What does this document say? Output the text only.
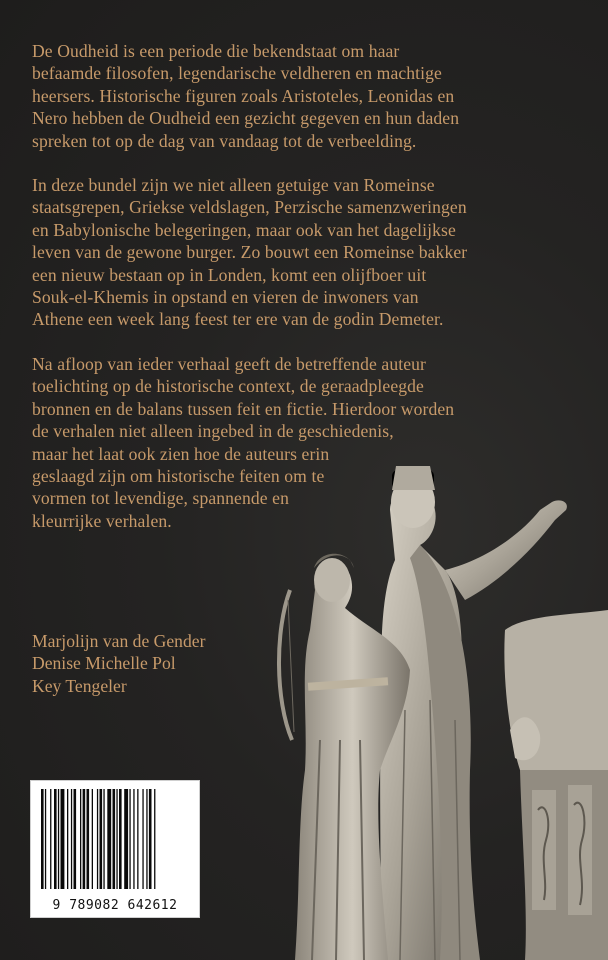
De Oudheid is een periode die bekendstaat om haar
befaamde filosofen, legendarische veldheren en machtige
heersers. Historische figuren zoals Aristoteles, Leonidas en
Nero hebben de Oudheid een gezicht gegeven en hun daden
spreken tot op de dag van vandaag tot de verbeelding.

In deze bundel zijn we niet alleen getuige van Romeinse
staatsgrepen, Griekse veldslagen, Perzische samenzweringen
en Babylonische belegeringen, maar ook van het dagelijkse
leven van de gewone burger. Zo bouwt een Romeinse bakker
een nieuw bestaan op in Londen, komt een olijfboer uit
Souk-el-Khemis in opstand en vieren de inwoners van
Athene een week lang feest ter ere van de godin Demeter.

Na afloop van ieder verhaal geeft de betreffende auteur
toelichting op de historische context, de geraadpleegde
bronnen en de balans tussen feit en fictie. Hierdoor worden
de verhalen niet alleen ingebed in de geschiedenis,
maar het laat ook zien hoe de auteurs erin
geslaagd zijn om historische feiten om te
vormen tot levendige, spannende en
kleurrijke verhalen.

Marjolijn van de Gender
Denise Michelle Pol
Key Tengeler
9 789082 642612
